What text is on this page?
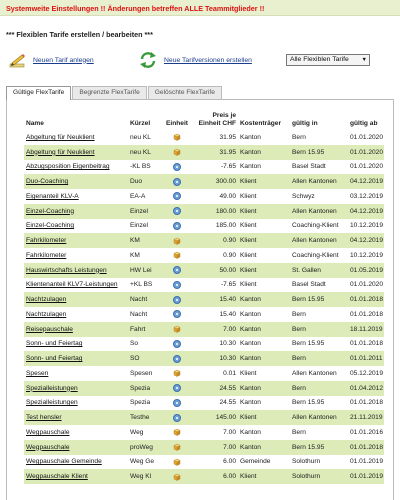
Systemweite Einstellungen !! Änderungen betreffen ALLE Teammitglieder !!
*** Flexiblen Tarife erstellen / bearbeiten ***
Neuen Tarif anlegen	Neue Tarifversionen erstellen	Alle Flexiblen Tarife ▼
Gültige FlexTarife	Begrenzte FlexTarife	Gelöschte FlexTarife
Name	Kürzel	Einheit	Preis je Einheit CHF	Kostenträger	gültig in	gültig ab
Abgeltung für Neuklient	neu KL		31.95	Kanton	Bern	01.01.2020
Abgeltung für Neuklient	neu KL		31.95	Kanton	Bern 15.95	01.01.2020
Abzugsposition Eigenbeitrag	-KL BS		-7.65	Kanton	Basel Stadt	01.01.2020
Duo-Coaching	Duo		300.00	Klient	Allen Kantonen	04.12.2019
Eigenanteil KLV-A	EA-A		49.00	Klient	Schwyz	03.12.2019
Einzel-Coaching	Einzel		180.00	Klient	Allen Kantonen	04.12.2019
Einzel-Coaching	Einzel		185.00	Klient	Coaching-Klient	10.12.2019
Fahrkilometer	KM		0.90	Klient	Allen Kantonen	04.12.2019
Fahrkilometer	KM		0.90	Klient	Coaching-Klient	10.12.2019
Hauswirtschafts Leistungen	HW Lei		50.00	Klient	St. Gallen	01.05.2019
Klientenanteil KLV7-Leistungen	+KL BS		-7.65	Klient	Basel Stadt	01.01.2020
Nachtzulagen	Nacht		15.40	Kanton	Bern 15.95	01.01.2018
Nachtzulagen	Nacht		15.40	Kanton	Bern	01.01.2018
Reisepauschale	Fahrt		7.00	Kanton	Bern	18.11.2019
Sonn- und Feiertag	So		10.30	Kanton	Bern 15.95	01.01.2018
Sonn- und Feiertag	SO		10.30	Kanton	Bern	01.01.2011
Spesen	Spesen		0.01	Klient	Allen Kantonen	05.12.2019
Spezialleistungen	Spezia		24.55	Kanton	Bern	01.04.2012
Spezialleistungen	Spezia		24.55	Kanton	Bern 15.95	01.01.2018
Test hensler	Testhe		145.00	Klient	Allen Kantonen	21.11.2019
Wegpauschale	Weg		7.00	Kanton	Bern	01.01.2016
Wegpauschale	proWeg		7.00	Kanton	Bern 15.95	01.01.2018
Wegpauschale Gemeinde	Weg Ge		6.00	Gemeinde	Solothurn	01.01.2019
Wegpauschale Klient	Weg Kl		6.00	Klient	Solothurn	01.01.2019
